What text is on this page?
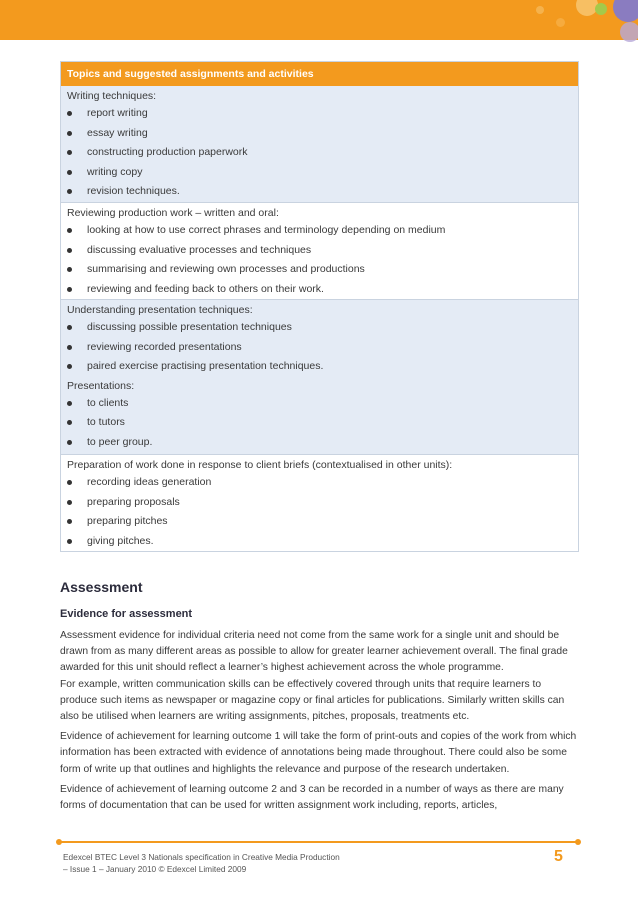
Topics and suggested assignments and activities
Writing techniques:
report writing
essay writing
constructing production paperwork
writing copy
revision techniques.
Reviewing production work – written and oral:
looking at how to use correct phrases and terminology depending on medium
discussing evaluative processes and techniques
summarising and reviewing own processes and productions
reviewing and feeding back to others on their work.
Understanding presentation techniques:
discussing possible presentation techniques
reviewing recorded presentations
paired exercise practising presentation techniques.
Presentations:
to clients
to tutors
to peer group.
Preparation of work done in response to client briefs (contextualised in other units):
recording ideas generation
preparing proposals
preparing pitches
giving pitches.
Assessment
Evidence for assessment

Assessment evidence for individual criteria need not come from the same work for a single unit and should be drawn from as many different areas as possible to allow for greater learner achievement overall. The final grade awarded for this unit should reflect a learner’s highest achievement across the whole programme.

For example, written communication skills can be effectively covered through units that require learners to produce such items as newspaper or magazine copy or final articles for publications. Similarly written skills can also be utilised when learners are writing assignments, pitches, proposals, treatments etc.

Evidence of achievement for learning outcome 1 will take the form of print-outs and copies of the work from which information has been extracted with evidence of annotations being made throughout. There could also be some form of write up that outlines and highlights the relevance and purpose of the research undertaken.

Evidence of achievement of learning outcome 2 and 3 can be recorded in a number of ways as there are many forms of documentation that can be used for written assignment work including, reports, articles,

Edexcel BTEC Level 3 Nationals specification in Creative Media Production
– Issue 1 – January 2010 © Edexcel Limited 2009
5
